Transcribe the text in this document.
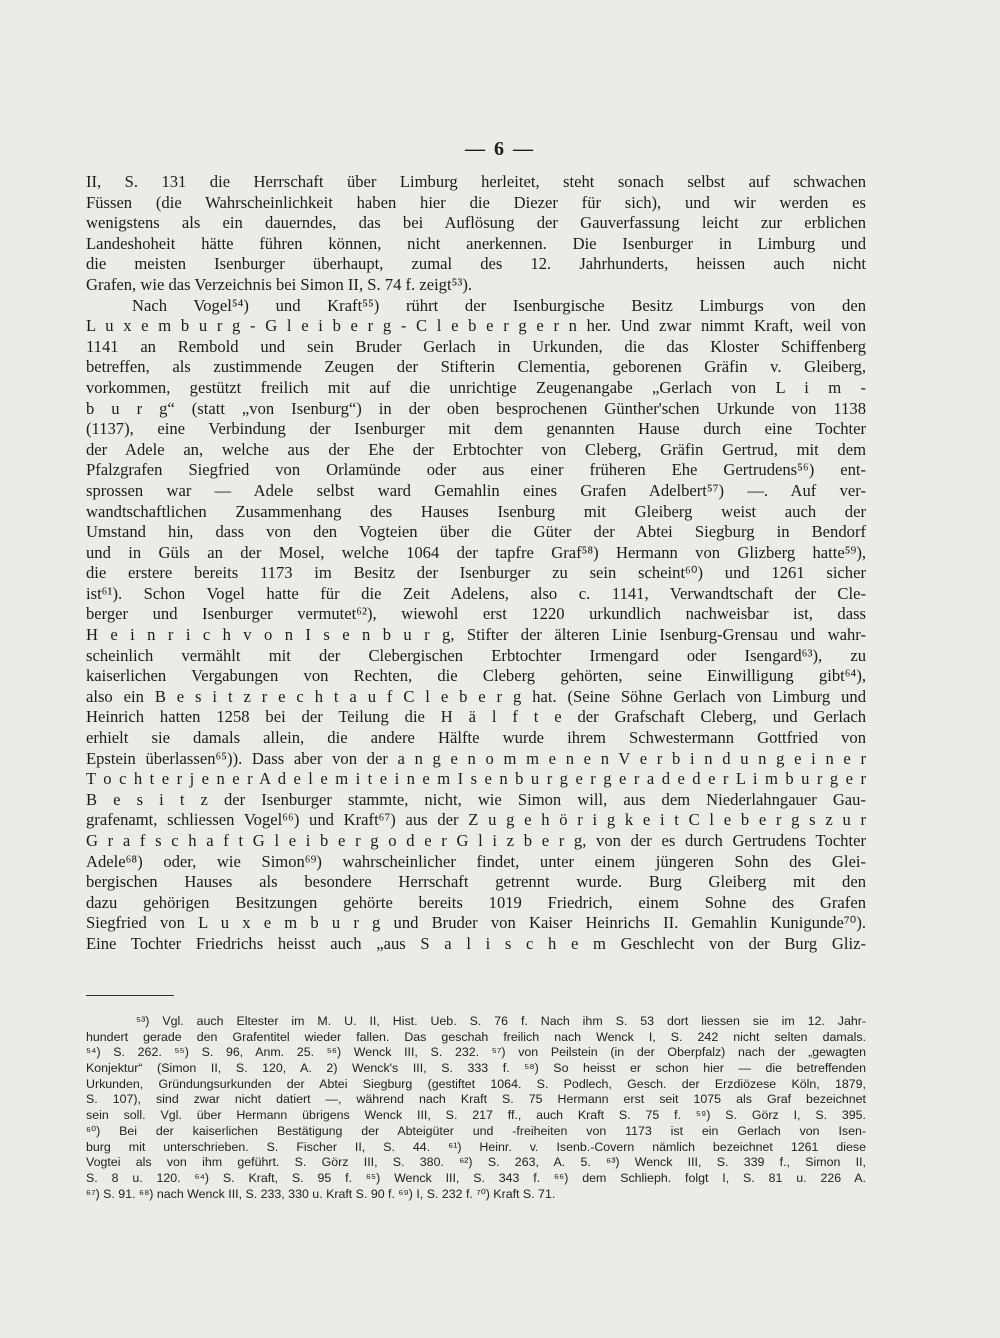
— 6 —
II, S. 131 die Herrschaft über Limburg herleitet, steht sonach selbst auf schwachen
Füssen (die Wahrscheinlichkeit haben hier die Diezer für sich), und wir werden es
wenigstens als ein dauerndes, das bei Auflösung der Gauverfassung leicht zur erblichen
Landeshoheit hätte führen können, nicht anerkennen. Die Isenburger in Limburg und
die meisten Isenburger überhaupt, zumal des 12. Jahrhunderts, heissen auch nicht
Grafen, wie das Verzeichnis bei Simon II, S. 74 f. zeigt⁵³).
Nach Vogel⁵⁴) und Kraft⁵⁵) rührt der Isenburgische Besitz Limburgs von den
L u x e m b u r g - G l e i b e r g - C l e b e r g e r n her. Und zwar nimmt Kraft, weil von
1141 an Rembold und sein Bruder Gerlach in Urkunden, die das Kloster Schiffenberg
betreffen, als zustimmende Zeugen der Stifterin Clementia, geborenen Gräfin v. Gleiberg,
vorkommen, gestützt freilich mit auf die unrichtige Zeugenangabe „Gerlach von L i m -
b u r g“ (statt „von Isenburg“) in der oben besprochenen Günther'schen Urkunde von 1138
(1137), eine Verbindung der Isenburger mit dem genannten Hause durch eine Tochter
der Adele an, welche aus der Ehe der Erbtochter von Cleberg, Gräfin Gertrud, mit dem
Pfalzgrafen Siegfried von Orlamünde oder aus einer früheren Ehe Gertrudens⁵⁶) ent-
sprossen war — Adele selbst ward Gemahlin eines Grafen Adelbert⁵⁷) —. Auf ver-
wandtschaftlichen Zusammenhang des Hauses Isenburg mit Gleiberg weist auch der
Umstand hin, dass von den Vogteien über die Güter der Abtei Siegburg in Bendorf
und in Güls an der Mosel, welche 1064 der tapfre Graf⁵⁸) Hermann von Glizberg hatte⁵⁹),
die erstere bereits 1173 im Besitz der Isenburger zu sein scheint⁶⁰) und 1261 sicher
ist⁶¹). Schon Vogel hatte für die Zeit Adelens, also c. 1141, Verwandtschaft der Cle-
berger und Isenburger vermutet⁶²), wiewohl erst 1220 urkundlich nachweisbar ist, dass
H e i n r i c h v o n I s e n b u r g, Stifter der älteren Linie Isenburg-Grensau und wahr-
scheinlich vermählt mit der Clebergischen Erbtochter Irmengard oder Isengard⁶³), zu
kaiserlichen Vergabungen von Rechten, die Cleberg gehörten, seine Einwilligung gibt⁶⁴),
also ein B e s i t z r e c h t a u f C l e b e r g hat. (Seine Söhne Gerlach von Limburg und
Heinrich hatten 1258 bei der Teilung die H ä l f t e der Grafschaft Cleberg, und Gerlach
erhielt sie damals allein, die andere Hälfte wurde ihrem Schwestermann Gottfried von
Epstein überlassen⁶⁵)). Dass aber von der a n g e n o m m e n e n V e r b i n d u n g e i n e r
T o c h t e r j e n e r A d e l e m i t e i n e m I s e n b u r g e r g e r a d e d e r L i m b u r g e r
B e s i t z der Isenburger stammte, nicht, wie Simon will, aus dem Niederlahngauer Gau-
grafenamt, schliessen Vogel⁶⁶) und Kraft⁶⁷) aus der Z u g e h ö r i g k e i t C l e b e r g s z u r
G r a f s c h a f t G l e i b e r g o d e r G l i z b e r g, von der es durch Gertrudens Tochter
Adele⁶⁸) oder, wie Simon⁶⁹) wahrscheinlicher findet, unter einem jüngeren Sohn des Glei-
bergischen Hauses als besondere Herrschaft getrennt wurde. Burg Gleiberg mit den
dazu gehörigen Besitzungen gehörte bereits 1019 Friedrich, einem Sohne des Grafen
Siegfried von L u x e m b u r g und Bruder von Kaiser Heinrichs II. Gemahlin Kunigunde⁷⁰).
Eine Tochter Friedrichs heisst auch „aus S a l i s c h e m Geschlecht von der Burg Gliz-
⁵³) Vgl. auch Eltester im M. U. II, Hist. Ueb. S. 76 f. Nach ihm S. 53 dort liessen sie im 12. Jahr-
hundert gerade den Grafentitel wieder fallen. Das geschah freilich nach Wenck I, S. 242 nicht selten damals.
⁵⁴) S. 262. ⁵⁵) S. 96, Anm. 25. ⁵⁶) Wenck III, S. 232. ⁵⁷) von Peilstein (in der Oberpfalz) nach der „gewagten
Konjektur“ (Simon II, S. 120, A. 2) Wenck's III, S. 333 f. ⁵⁸) So heisst er schon hier — die betreffenden
Urkunden, Gründungsurkunden der Abtei Siegburg (gestiftet 1064. S. Podlech, Gesch. der Erzdiözese Köln, 1879,
S. 107), sind zwar nicht datiert —, während nach Kraft S. 75 Hermann erst seit 1075 als Graf bezeichnet
sein soll. Vgl. über Hermann übrigens Wenck III, S. 217 ff., auch Kraft S. 75 f. ⁵⁹) S. Görz I, S. 395.
⁶⁰) Bei der kaiserlichen Bestätigung der Abteigüter und -freiheiten von 1173 ist ein Gerlach von Isen-
burg mit unterschrieben. S. Fischer II, S. 44. ⁶¹) Heinr. v. Isenb.-Covern nämlich bezeichnet 1261 diese
Vogtei als von ihm geführt. S. Görz III, S. 380. ⁶²) S. 263, A. 5. ⁶³) Wenck III, S. 339 f., Simon II,
S. 8 u. 120. ⁶⁴) S. Kraft, S. 95 f. ⁶⁵) Wenck III, S. 343 f. ⁶⁶) dem Schlieph. folgt I, S. 81 u. 226 A.
⁶⁷) S. 91. ⁶⁸) nach Wenck III, S. 233, 330 u. Kraft S. 90 f. ⁶⁹) I, S. 232 f. ⁷⁰) Kraft S. 71.
